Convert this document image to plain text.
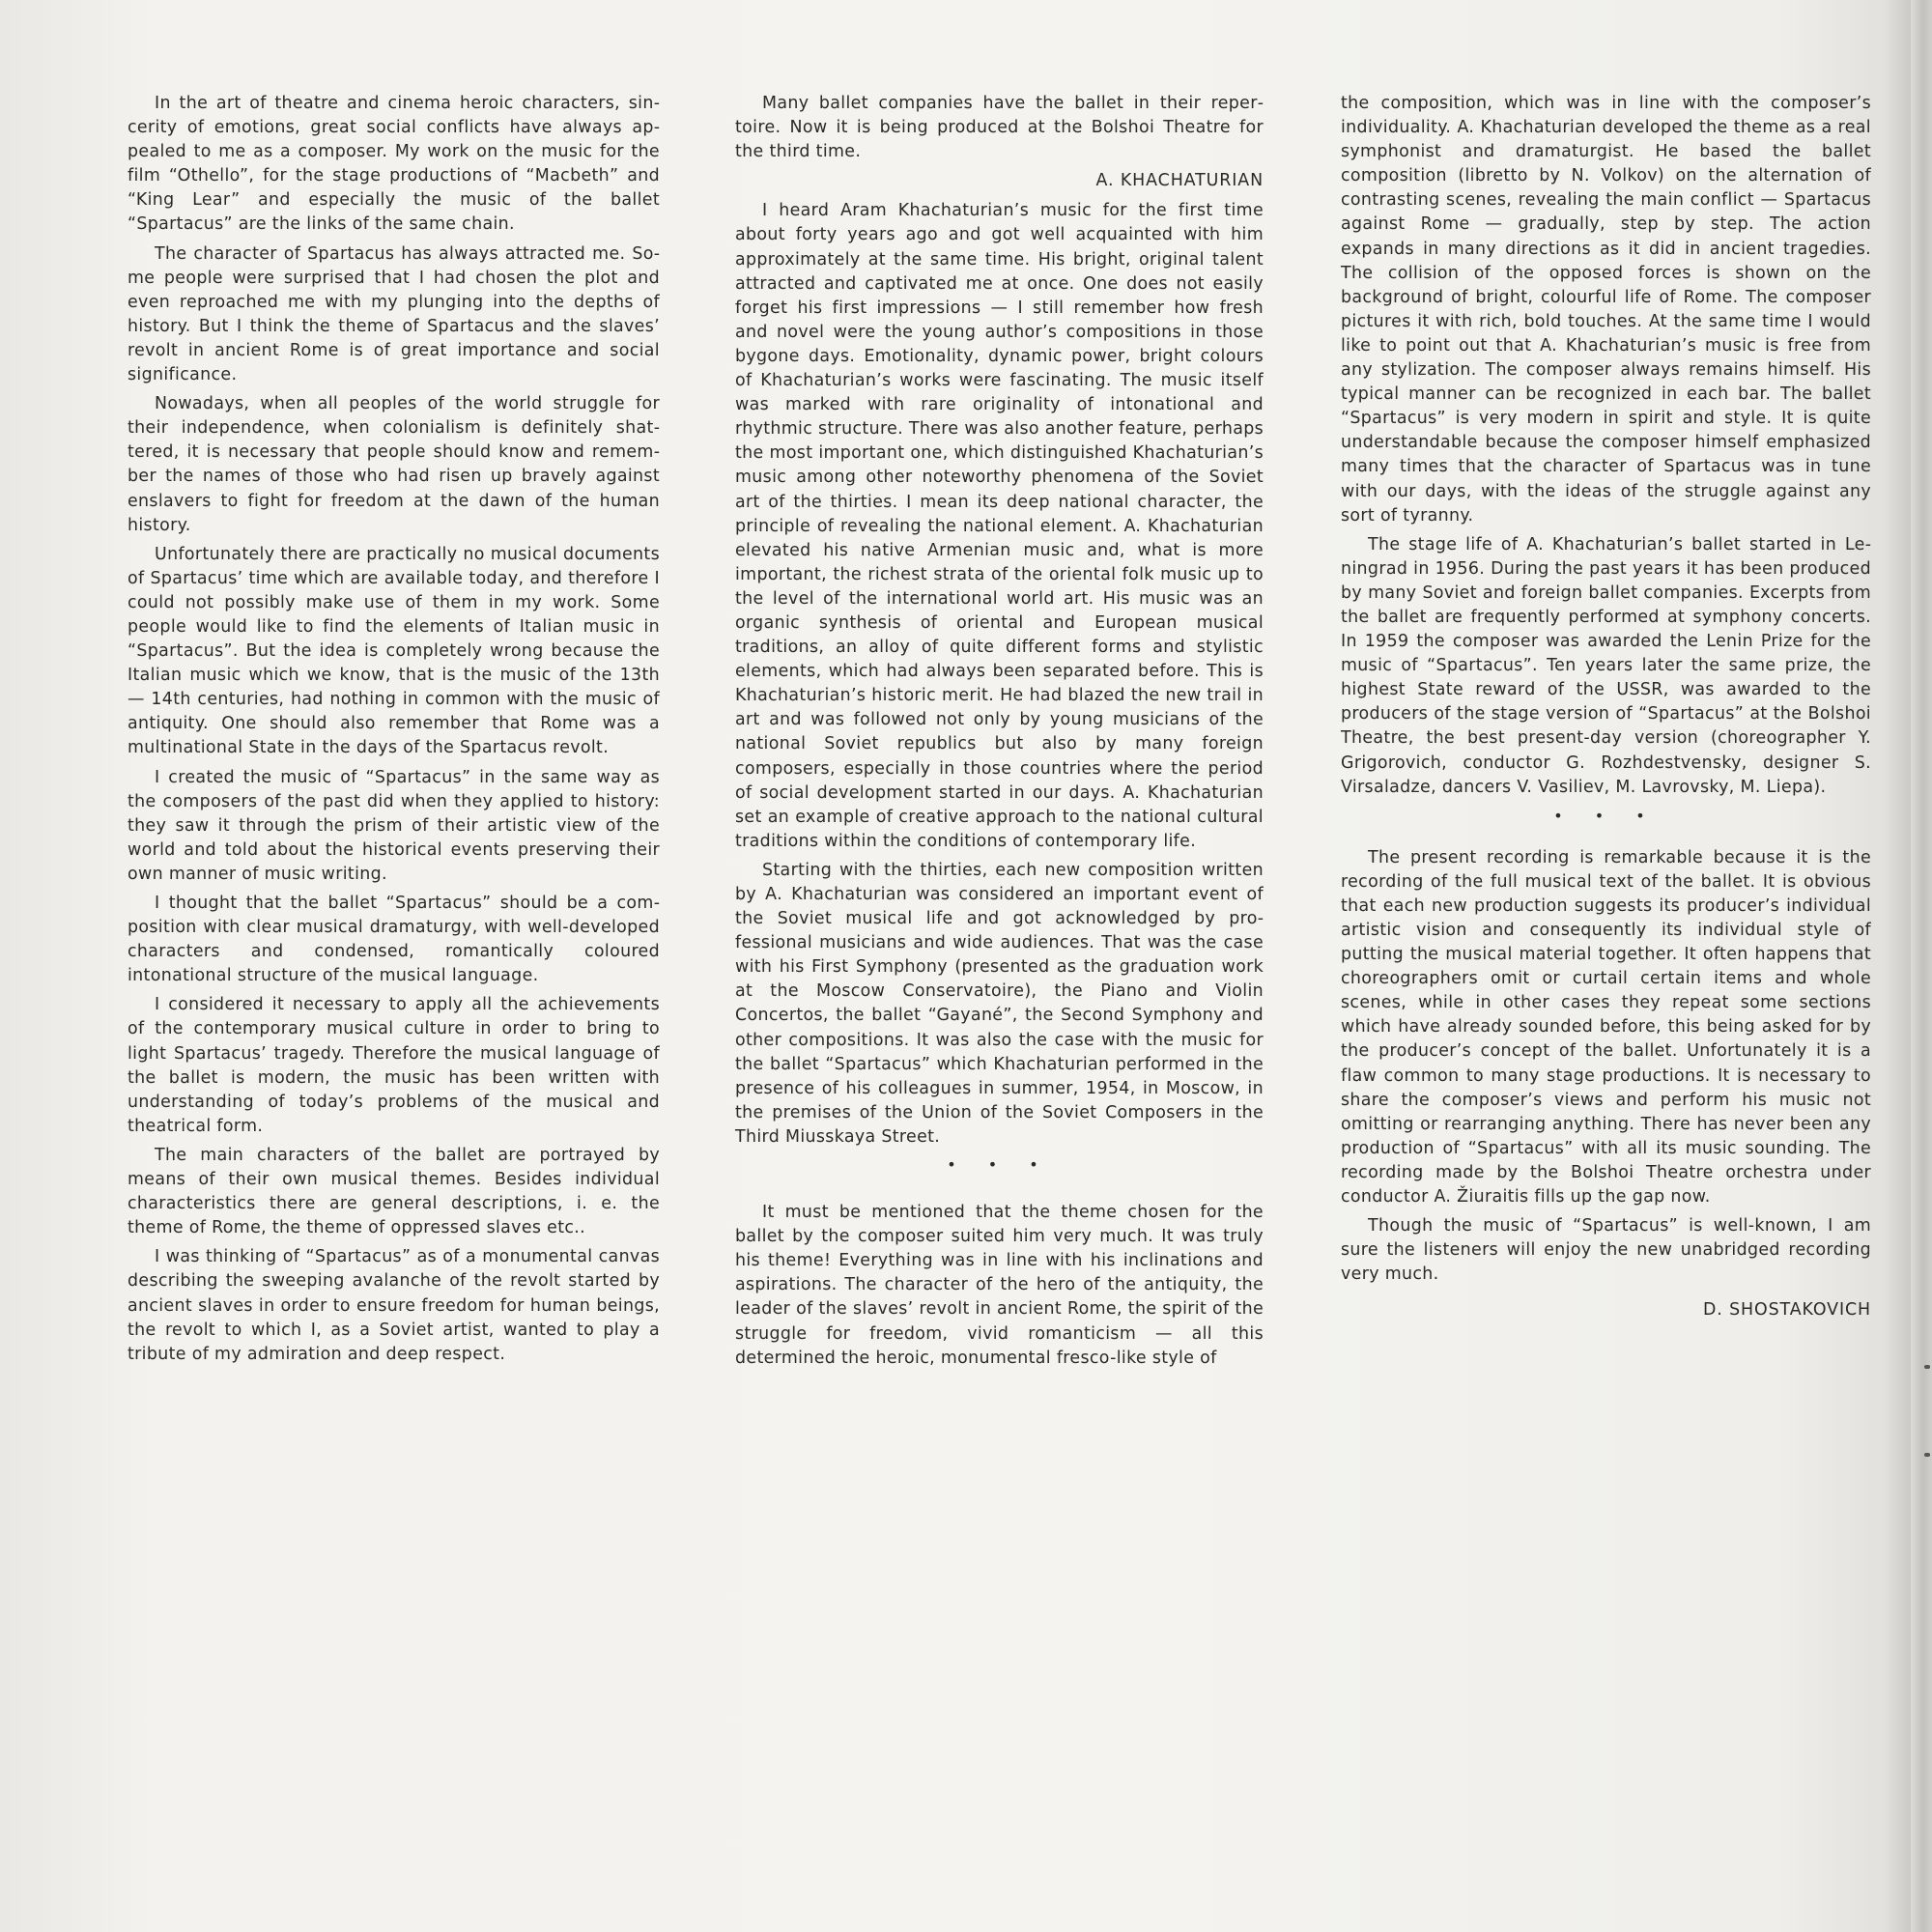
In the art of theatre and cinema heroic characters, sincerity of emotions, great social conflicts have always appealed to me as a composer. My work on the music for the film “Othello”, for the stage productions of “Macbeth” and “King Lear” and especially the music of the ballet “Spartacus” are the links of the same chain.

The character of Spartacus has always attracted me. Some people were surprised that I had chosen the plot and even reproached me with my plunging into the depths of history. But I think the theme of Spartacus and the slaves’ revolt in ancient Rome is of great importance and social significance.

Nowadays, when all peoples of the world struggle for their independence, when colonialism is definitely shattered, it is necessary that people should know and remember the names of those who had risen up bravely against enslavers to fight for freedom at the dawn of the human history.

Unfortunately there are practically no musical documents of Spartacus’ time which are available today, and therefore I could not possibly make use of them in my work. Some people would like to find the elements of Italian music in “Spartacus”. But the idea is completely wrong because the Italian music which we know, that is the music of the 13th — 14th centuries, had nothing in common with the music of antiquity. One should also remember that Rome was a multinational State in the days of the Spartacus revolt.

I created the music of “Spartacus” in the same way as the composers of the past did when they applied to history: they saw it through the prism of their artistic view of the world and told about the historical events preserving their own manner of music writing.

I thought that the ballet “Spartacus” should be a composition with clear musical dramaturgy, with well-developed characters and condensed, romantically coloured intonational structure of the musical language.

I considered it necessary to apply all the achievements of the contemporary musical culture in order to bring to light Spartacus’ tragedy. Therefore the musical language of the ballet is modern, the music has been written with understanding of today’s problems of the musical and theatrical form.

The main characters of the ballet are portrayed by means of their own musical themes. Besides individual characteristics there are general descriptions, i. e. the theme of Rome, the theme of oppressed slaves etc..

I was thinking of “Spartacus” as of a monumental canvas describing the sweeping avalanche of the revolt started by ancient slaves in order to ensure freedom for human beings, the revolt to which I, as a Soviet artist, wanted to play a tribute of my admiration and deep respect.

Many ballet companies have the ballet in their repertoire. Now it is being produced at the Bolshoi Theatre for the third time.

A. KHACHATURIAN

I heard Aram Khachaturian’s music for the first time about forty years ago and got well acquainted with him approximately at the same time. His bright, original talent attracted and captivated me at once. One does not easily forget his first impressions — I still remember how fresh and novel were the young author’s compositions in those bygone days. Emotionality, dynamic power, bright colours of Khachaturian’s works were fascinating. The music itself was marked with rare originality of intonational and rhythmic structure. There was also another feature, perhaps the most important one, which distinguished Khachaturian’s music among other noteworthy phenomena of the Soviet art of the thirties. I mean its deep national character, the principle of revealing the national element. A. Khachaturian elevated his native Armenian music and, what is more important, the richest strata of the oriental folk music up to the level of the international world art. His music was an organic synthesis of oriental and European musical traditions, an alloy of quite different forms and stylistic elements, which had always been separated before. This is Khachaturian’s historic merit. He had blazed the new trail in art and was followed not only by young musicians of the national Soviet republics but also by many foreign composers, especially in those countries where the period of social development started in our days. A. Khachaturian set an example of creative approach to the national cultural traditions within the conditions of contemporary life.

Starting with the thirties, each new composition written by A. Khachaturian was considered an important event of the Soviet musical life and got acknowledged by professional musicians and wide audiences. That was the case with his First Symphony (presented as the graduation work at the Moscow Conservatoire), the Piano and Violin Concertos, the ballet “Gayané”, the Second Symphony and other compositions. It was also the case with the music for the ballet “Spartacus” which Khachaturian performed in the presence of his colleagues in summer, 1954, in Moscow, in the premises of the Union of the Soviet Composers in the Third Miusskaya Street.

• • •

It must be mentioned that the theme chosen for the ballet by the composer suited him very much. It was truly his theme! Everything was in line with his inclinations and aspirations. The character of the hero of the antiquity, the leader of the slaves’ revolt in ancient Rome, the spirit of the struggle for freedom, vivid romanticism — all this determined the heroic, monumental fresco-like style of

the composition, which was in line with the composer’s individuality. A. Khachaturian developed the theme as a real symphonist and dramaturgist. He based the ballet composition (libretto by N. Volkov) on the alternation of contrasting scenes, revealing the main conflict — Spartacus against Rome — gradually, step by step. The action expands in many directions as it did in ancient tragedies. The collision of the opposed forces is shown on the background of bright, colourful life of Rome. The composer pictures it with rich, bold touches. At the same time I would like to point out that A. Khachaturian’s music is free from any stylization. The composer always remains himself. His typical manner can be recognized in each bar. The ballet “Spartacus” is very modern in spirit and style. It is quite understandable because the composer himself emphasized many times that the character of Spartacus was in tune with our days, with the ideas of the struggle against any sort of tyranny.

The stage life of A. Khachaturian’s ballet started in Leningrad in 1956. During the past years it has been produced by many Soviet and foreign ballet companies. Excerpts from the ballet are frequently performed at symphony concerts. In 1959 the composer was awarded the Lenin Prize for the music of “Spartacus”. Ten years later the same prize, the highest State reward of the USSR, was awarded to the producers of the stage version of “Spartacus” at the Bolshoi Theatre, the best present-day version (choreographer Y. Grigorovich, conductor G. Rozhdestvensky, designer S. Virsaladze, dancers V. Vasiliev, M. Lavrovsky, M. Liepa).

• • •

The present recording is remarkable because it is the recording of the full musical text of the ballet. It is obvious that each new production suggests its producer’s individual artistic vision and consequently its individual style of putting the musical material together. It often happens that choreographers omit or curtail certain items and whole scenes, while in other cases they repeat some sections which have already sounded before, this being asked for by the producer’s concept of the ballet. Unfortunately it is a flaw common to many stage productions. It is necessary to share the composer’s views and perform his music not omitting or rearranging anything. There has never been any production of “Spartacus” with all its music sounding. The recording made by the Bolshoi Theatre orchestra under conductor A. Žiuraitis fills up the gap now.

Though the music of “Spartacus” is well-known, I am sure the listeners will enjoy the new unabridged recording very much.

D. SHOSTAKOVICH
